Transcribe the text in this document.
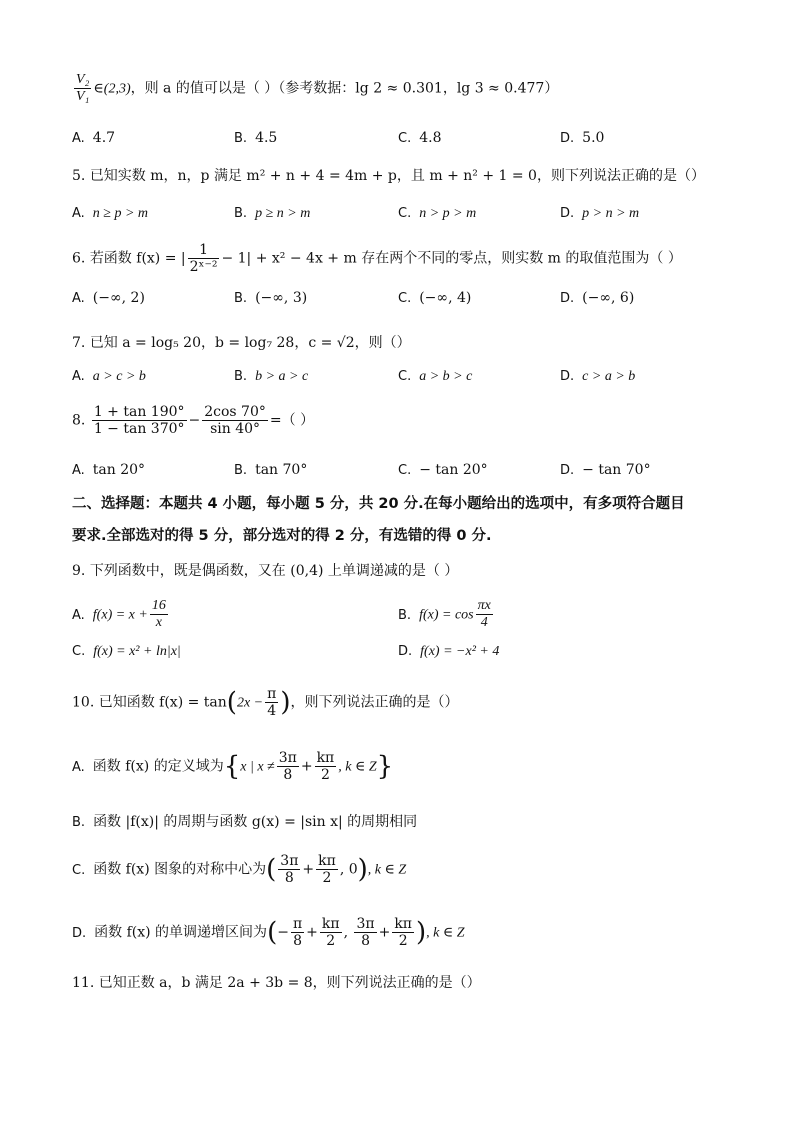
$\frac{\text{V₂}}{\text{V₁}}$ ∈(2,3)，则 a 的值可以是（ ）（参考数据：lg 2 ≈ 0.301，lg 3 ≈ 0.477）
A. 4.7	B. 4.5	C. 4.8	D. 5.0
5. 已知实数 m，n，p 满足 m² + n + 4 = 4m + p，且 m + n² + 1 = 0，则下列说法正确的是（）
A. n ≥ p > m	B. p ≥ n > m	C. n > p > m	D. p > n > m
6. 若函数 f(x) = | $\frac{1}{\text{2ˣ⁻²}} - 1| + x^2 - 4x + m$ 存在两个不同的零点，则实数 m 的取值范围为（ ）
A. (−∞, 2)	B. (−∞, 3)	C. (−∞, 4)	D. (−∞, 6)
7. 已知 a = log₅ 20，b = log₇ 28，c = √2，则（）
A. a > c > b	B. b > a > c	C. a > b > c	D. c > a > b
8. $\frac{1 + \tan 190^\circ}{1 - \tan 370^\circ} - \frac{2\cos 70^\circ}{\sin 40^\circ}$ =（ ）
A. tan 20°	B. tan 70°	C. − tan 20°	D. − tan 70°
二、选择题：本题共 4 小题，每小题 5 分，共 20 分.在每小题给出的选项中，有多项符合题目
要求.全部选对的得 5 分，部分选对的得 2 分，有选错的得 0 分.
9. 下列函数中，既是偶函数，又在 (0,4) 上单调递减的是（ ）
A. $f(x) = x + \frac{16}{x}$	B. $f(x) = \cos \frac{\pi x}{4}$
C. f(x) = x² + ln|x|	D. f(x) = −x² + 4
10. 已知函数 $f(x) = \tan(2x - \frac{\pi}{4}$ )，则下列说法正确的是（）
A. 函数 f(x) 的定义域为{x | $x \ne \frac{3\pi}{8} + \frac{k\pi}{2}$ , k ∈ Z}
B. 函数 |f(x)| 的周期与函数 g(x) = |sin x| 的周期相同
C. 函数 f(x) 图象的对称中心为( $\frac{3\pi}{8} + \frac{k\pi}{2}$ , 0), k ∈ Z
D. 函数 f(x) 的单调递增区间为(− $\frac{\pi}{8} + \frac{k\pi}{2}$ , $\frac{3\pi}{8} + \frac{k\pi}{2}$ ), k ∈ Z
11. 已知正数 a，b 满足 2a + 3b = 8，则下列说法正确的是（）
